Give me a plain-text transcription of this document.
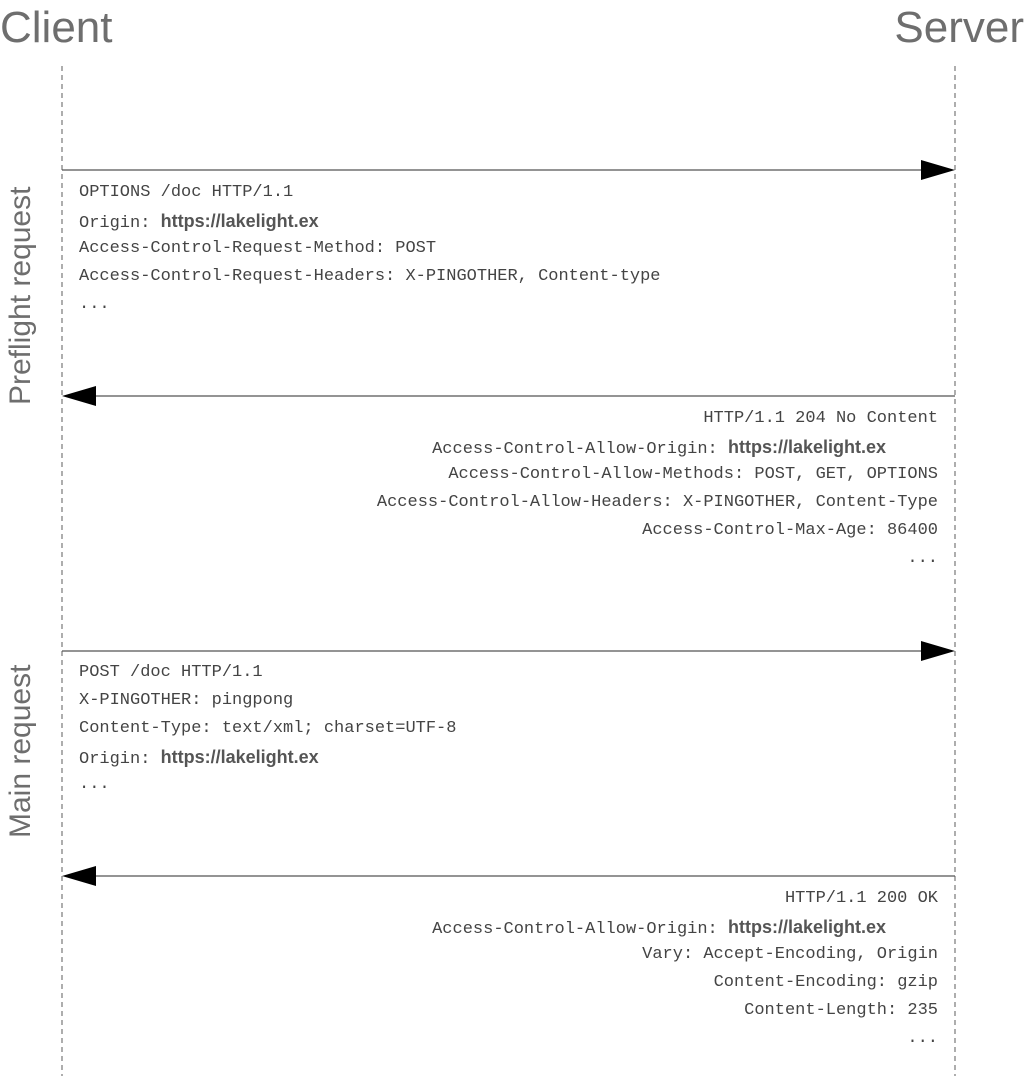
Client	Server
Preflight request
Main request
OPTIONS /doc HTTP/1.1
Origin: https://lakelight.ex
Access-Control-Request-Method: POST
Access-Control-Request-Headers: X-PINGOTHER, Content-type
...
HTTP/1.1 204 No Content
Access-Control-Allow-Origin: https://lakelight.ex
Access-Control-Allow-Methods: POST, GET, OPTIONS
Access-Control-Allow-Headers: X-PINGOTHER, Content-Type
Access-Control-Max-Age: 86400
...
POST /doc HTTP/1.1
X-PINGOTHER: pingpong
Content-Type: text/xml; charset=UTF-8
Origin: https://lakelight.ex
...
HTTP/1.1 200 OK
Access-Control-Allow-Origin: https://lakelight.ex
Vary: Accept-Encoding, Origin
Content-Encoding: gzip
Content-Length: 235
...
